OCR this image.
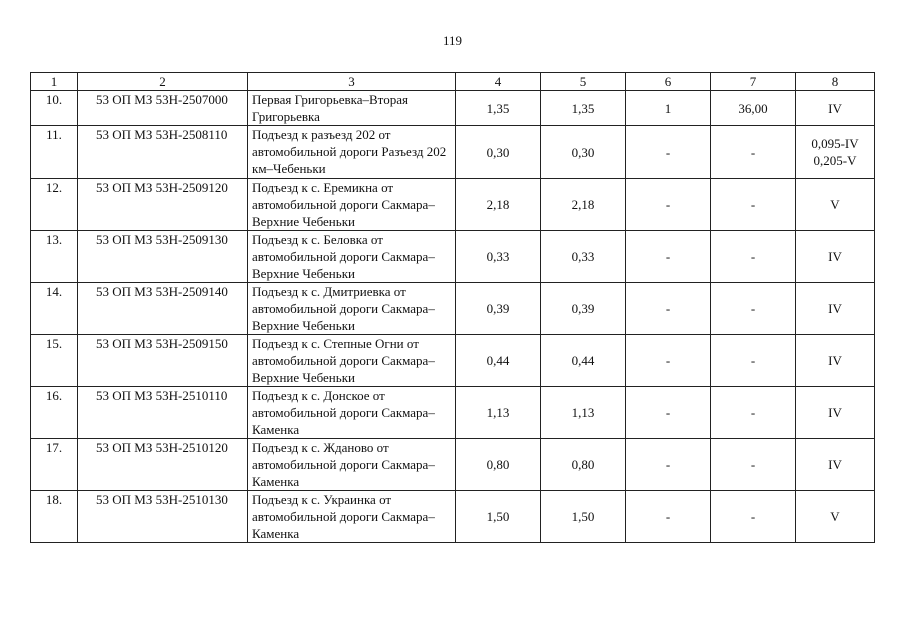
119
1	2	3	4	5	6	7	8
10.	53 ОП МЗ 53Н-2507000	Первая Григорьевка–Вторая Григорьевка	1,35	1,35	1	36,00	IV

11.	53 ОП МЗ 53Н-2508110	Подъезд к разъезд 202 от автомобильной дороги Разъезд 202 км–Чебеньки	0,30	0,30	-	-	0,095-IV
0,205-V

12.	53 ОП МЗ 53Н-2509120	Подъезд к с. Еремикна от автомобильной дороги Сакмара–Верхние Чебеньки	2,18	2,18	-	-	V

13.	53 ОП МЗ 53Н-2509130	Подъезд к с. Беловка от автомобильной дороги Сакмара–Верхние Чебеньки	0,33	0,33	-	-	IV

14.	53 ОП МЗ 53Н-2509140	Подъезд к с. Дмитриевка от автомобильной дороги Сакмара–Верхние Чебеньки	0,39	0,39	-	-	IV

15.	53 ОП МЗ 53Н-2509150	Подъезд к с. Степные Огни от автомобильной дороги Сакмара–Верхние Чебеньки	0,44	0,44	-	-	IV

16.	53 ОП МЗ 53Н-2510110	Подъезд к с. Донское от автомобильной дороги Сакмара–Каменка	1,13	1,13	-	-	IV

17.	53 ОП МЗ 53Н-2510120	Подъезд к с. Жданово от автомобильной дороги Сакмара–Каменка	0,80	0,80	-	-	IV

18.	53 ОП МЗ 53Н-2510130	Подъезд к с. Украинка от автомобильной дороги Сакмара–Каменка	1,50	1,50	-	-	V
